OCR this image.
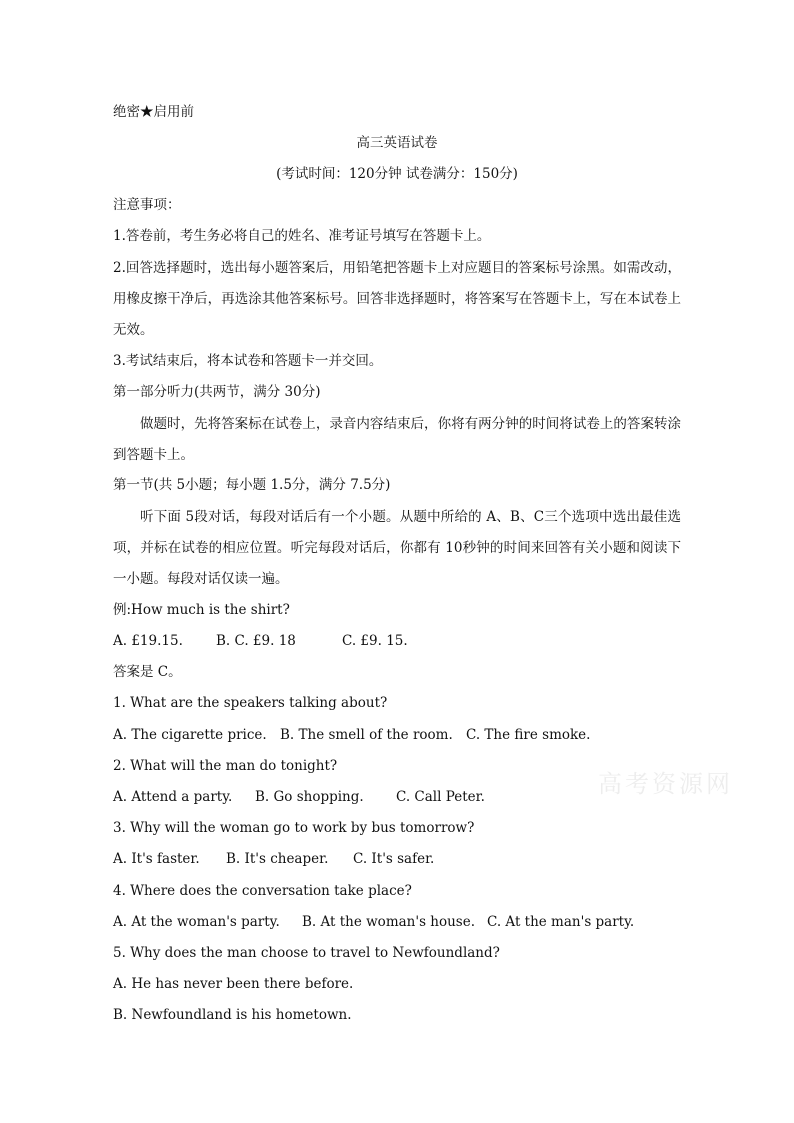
绝密★启用前
高三英语试卷
(考试时间：120分钟 试卷满分：150分)
注意事项：
1.答卷前，考生务必将自己的姓名、准考证号填写在答题卡上。
2.回答选择题时，选出每小题答案后，用铅笔把答题卡上对应题目的答案标号涂黑。如需改动，用橡皮擦干净后，再选涂其他答案标号。回答非选择题时，将答案写在答题卡上，写在本试卷上无效。
3.考试结束后，将本试卷和答题卡一并交回。
第一部分听力(共两节，满分 30分)
做题时，先将答案标在试卷上，录音内容结束后，你将有两分钟的时间将试卷上的答案转涂到答题卡上。
第一节(共 5小题；每小题 1.5分，满分 7.5分)
听下面 5段对话，每段对话后有一个小题。从题中所给的 A、B、C三个选项中选出最佳选项，并标在试卷的相应位置。听完每段对话后，你都有 10秒钟的时间来回答有关小题和阅读下一小题。每段对话仅读一遍。
例:How much is the shirt?
A. £19.15. B. C. £9. 18	C. £9. 15.
答案是 C。
1. What are the speakers talking about?
A. The cigarette price. B. The smell of the room. C. The fire smoke.
2. What will the man do tonight?
A. Attend a party. B. Go shopping. C. Call Peter.
3. Why will the woman go to work by bus tomorrow?
A. It's faster. B. It's cheaper. C. It's safer.
4. Where does the conversation take place?
A. At the woman's party. B. At the woman's house. C. At the man's party.
5. Why does the man choose to travel to Newfoundland?
A. He has never been there before.
B. Newfoundland is his hometown.
高考资源网
